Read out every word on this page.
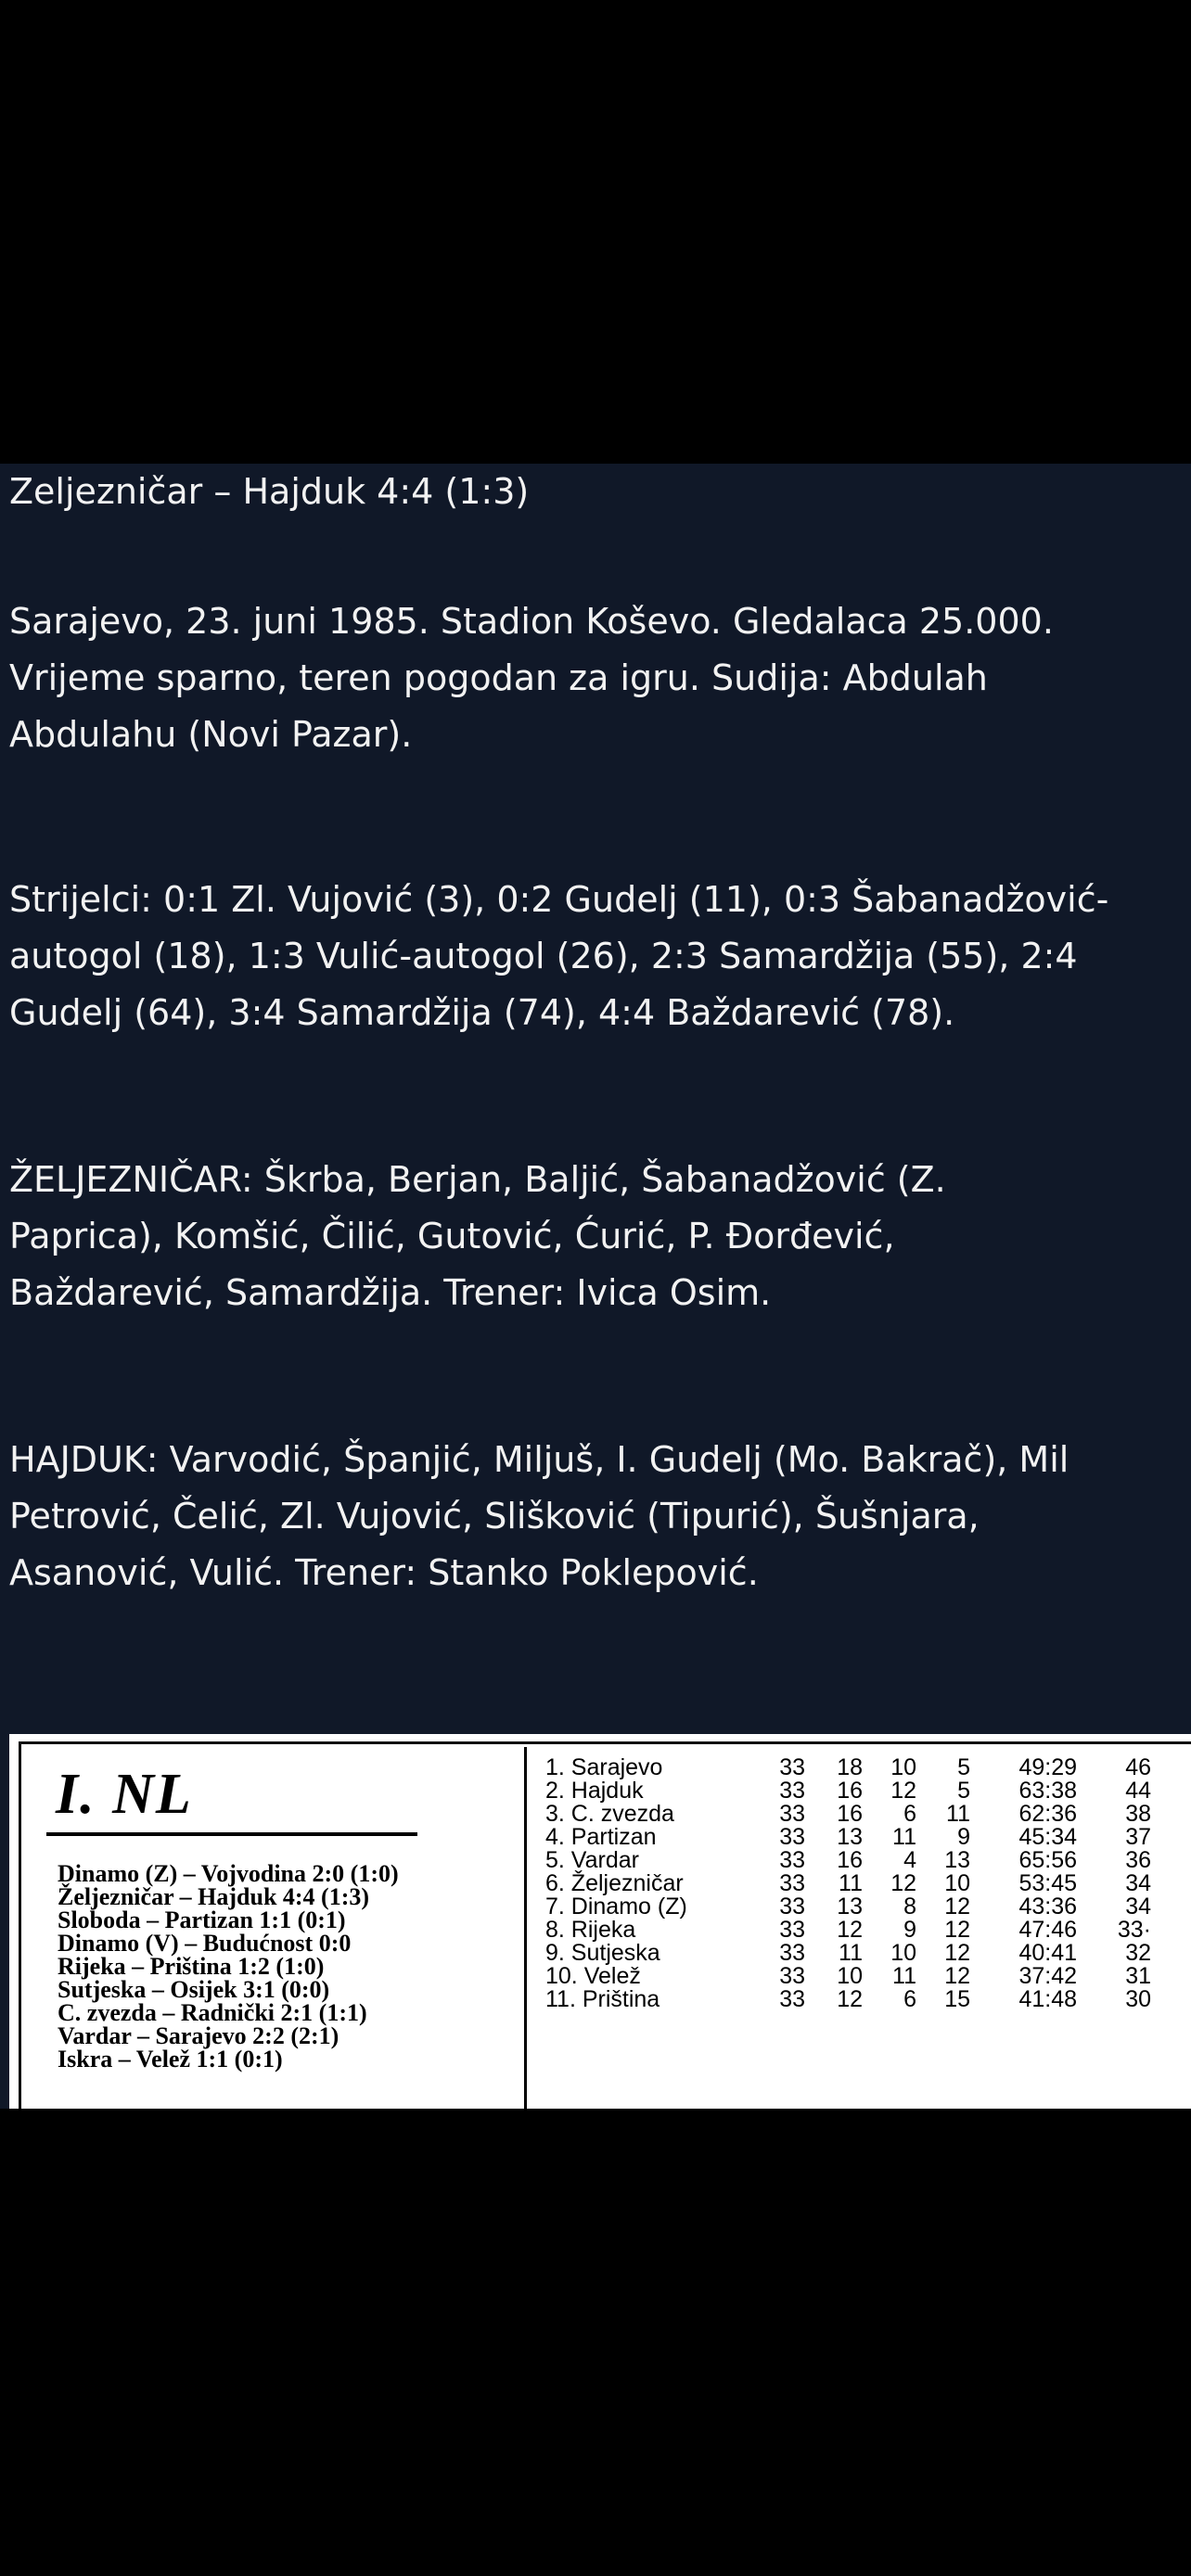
Zeljezničar – Hajduk 4:4 (1:3)

Sarajevo, 23. juni 1985. Stadion Koševo. Gledalaca 25.000.
Vrijeme sparno, teren pogodan za igru. Sudija: Abdulah
Abdulahu (Novi Pazar).

Strijelci: 0:1 Zl. Vujović (3), 0:2 Gudelj (11), 0:3 Šabanadžović-
autogol (18), 1:3 Vulić-autogol (26), 2:3 Samardžija (55), 2:4
Gudelj (64), 3:4 Samardžija (74), 4:4 Baždarević (78).

ŽELJEZNIČAR: Škrba, Berjan, Baljić, Šabanadžović (Z.
Paprica), Komšić, Čilić, Gutović, Ćurić, P. Đorđević,
Baždarević, Samardžija. Trener: Ivica Osim.

HAJDUK: Varvodić, Španjić, Miljuš, I. Gudelj (Mo. Bakrač), Mil
Petrović, Čelić, Zl. Vujović, Slišković (Tipurić), Šušnjara,
Asanović, Vulić. Trener: Stanko Poklepović.

I. NL
Dinamo (Z) – Vojvodina 2:0 (1:0)
Željezničar – Hajduk 4:4 (1:3)
Sloboda – Partizan 1:1 (0:1)
Dinamo (V) – Budućnost 0:0
Rijeka – Priština 1:2 (1:0)
Sutjeska – Osijek 3:1 (0:0)
C. zvezda – Radnički 2:1 (1:1)
Vardar – Sarajevo 2:2 (2:1)
Iskra – Velež 1:1 (0:1)
1. Sarajevo	33	18	10	5	49:29	46
2. Hajduk	33	16	12	5	63:38	44
3. C. zvezda	33	16	6	11	62:36	38
4. Partizan	33	13	11	9	45:34	37
5. Vardar	33	16	4	13	65:56	36
6. Željezničar	33	11	12	10	53:45	34
7. Dinamo (Z)	33	13	8	12	43:36	34
8. Rijeka	33	12	9	12	47:46	33·
9. Sutjeska	33	11	10	12	40:41	32
10. Velež	33	10	11	12	37:42	31
11. Priština	33	12	6	15	41:48	30
